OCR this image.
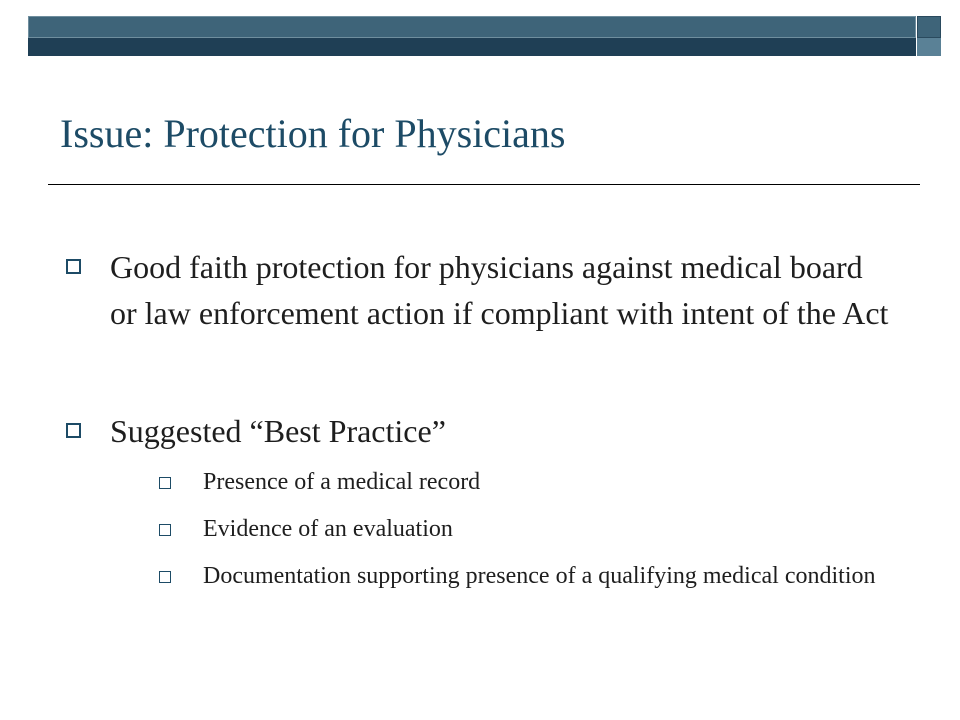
Issue: Protection for Physicians
Good faith protection for physicians against medical board or law enforcement action if compliant with intent of the Act
Suggested “Best Practice”
Presence of a medical record
Evidence of an evaluation
Documentation supporting presence of a qualifying medical condition
